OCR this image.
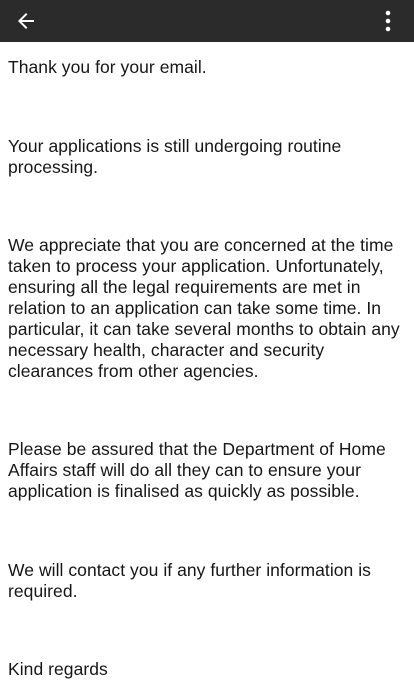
Thank you for your email.

Your applications is still undergoing routine processing.

We appreciate that you are concerned at the time taken to process your application. Unfortunately, ensuring all the legal requirements are met in relation to an application can take some time. In particular, it can take several months to obtain any necessary health, character and security clearances from other agencies.

Please be assured that the Department of Home Affairs staff will do all they can to ensure your application is finalised as quickly as possible.

We will contact you if any further information is required.

Kind regards
